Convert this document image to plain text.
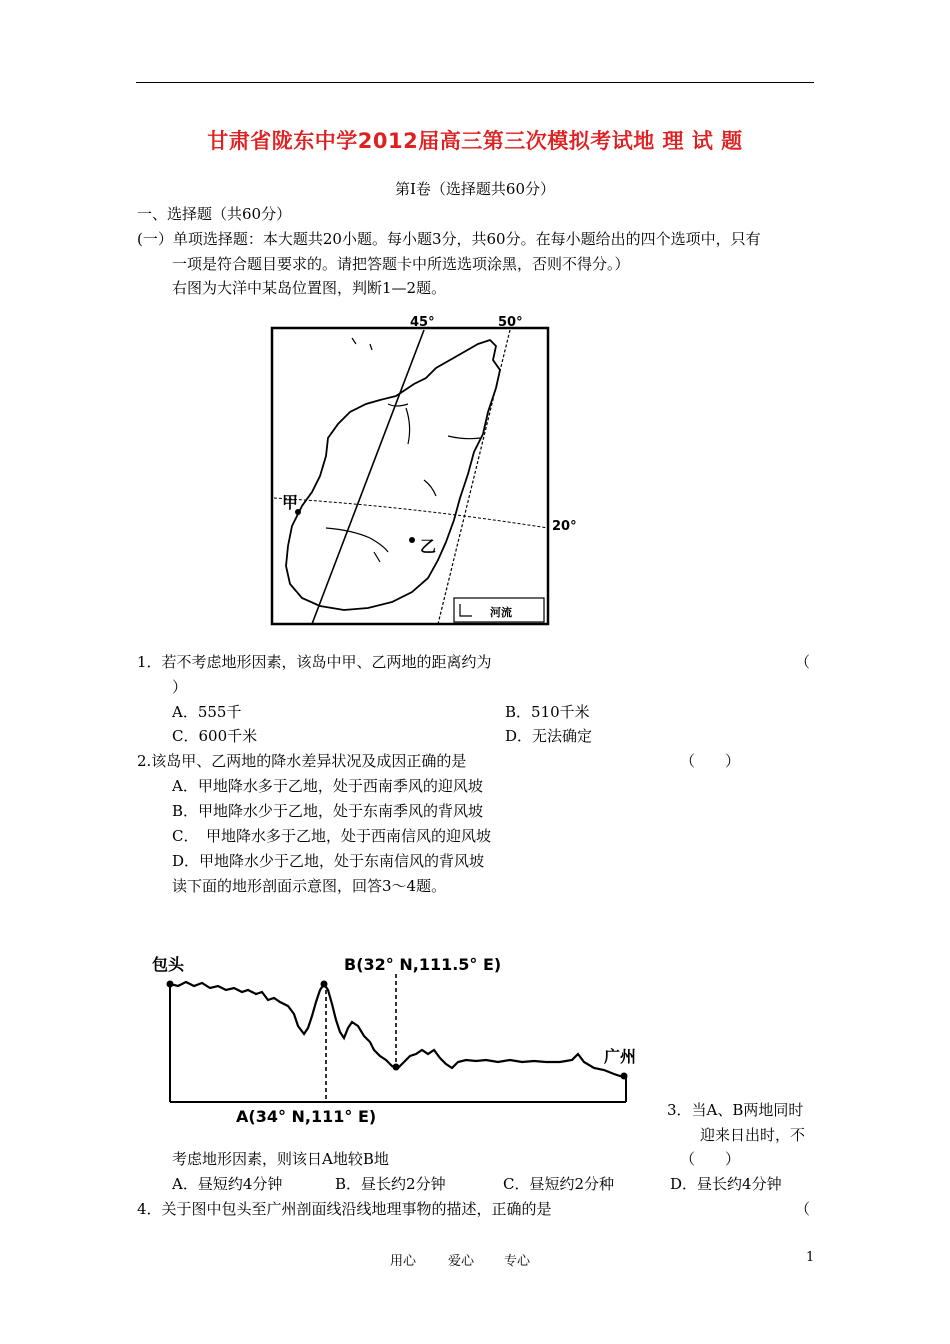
甘肃省陇东中学2012届高三第三次模拟考试地 理 试 题
第Ⅰ卷（选择题共60分）
一、选择题（共60分）
(一）单项选择题：本大题共20小题。每小题3分，共60分。在每小题给出的四个选项中，只有
一项是符合题目要求的。请把答题卡中所选选项涂黑，否则不得分。）
右图为大洋中某岛位置图，判断1—2题。
河流
45°	50°
20°
甲
乙
1．若不考虑地形因素，该岛中甲、乙两地的距离约为	（
）
A．555千	B．510千米
C．600千米	D．无法确定
2.该岛甲、乙两地的降水差异状况及成因正确的是	（　　）
A．甲地降水多于乙地，处于西南季风的迎风坡
B．甲地降水少于乙地，处于东南季风的背风坡
C．　甲地降水多于乙地，处于西南信风的迎风坡
D．甲地降水少于乙地，处于东南信风的背风坡
读下面的地形剖面示意图，回答3～4题。
包头	B(32° N,111.5° E)
广州
A(34° N,111° E)	3．当A、B两地同时
迎来日出时，不
考虑地形因素，则该日A地较B地	（　　）
A．昼短约4分钟	B．昼长约2分钟	C．昼短约2分种	D．昼长约4分钟
4．关于图中包头至广州剖面线沿线地理事物的描述，正确的是	（
用心 爱心 专心	1
